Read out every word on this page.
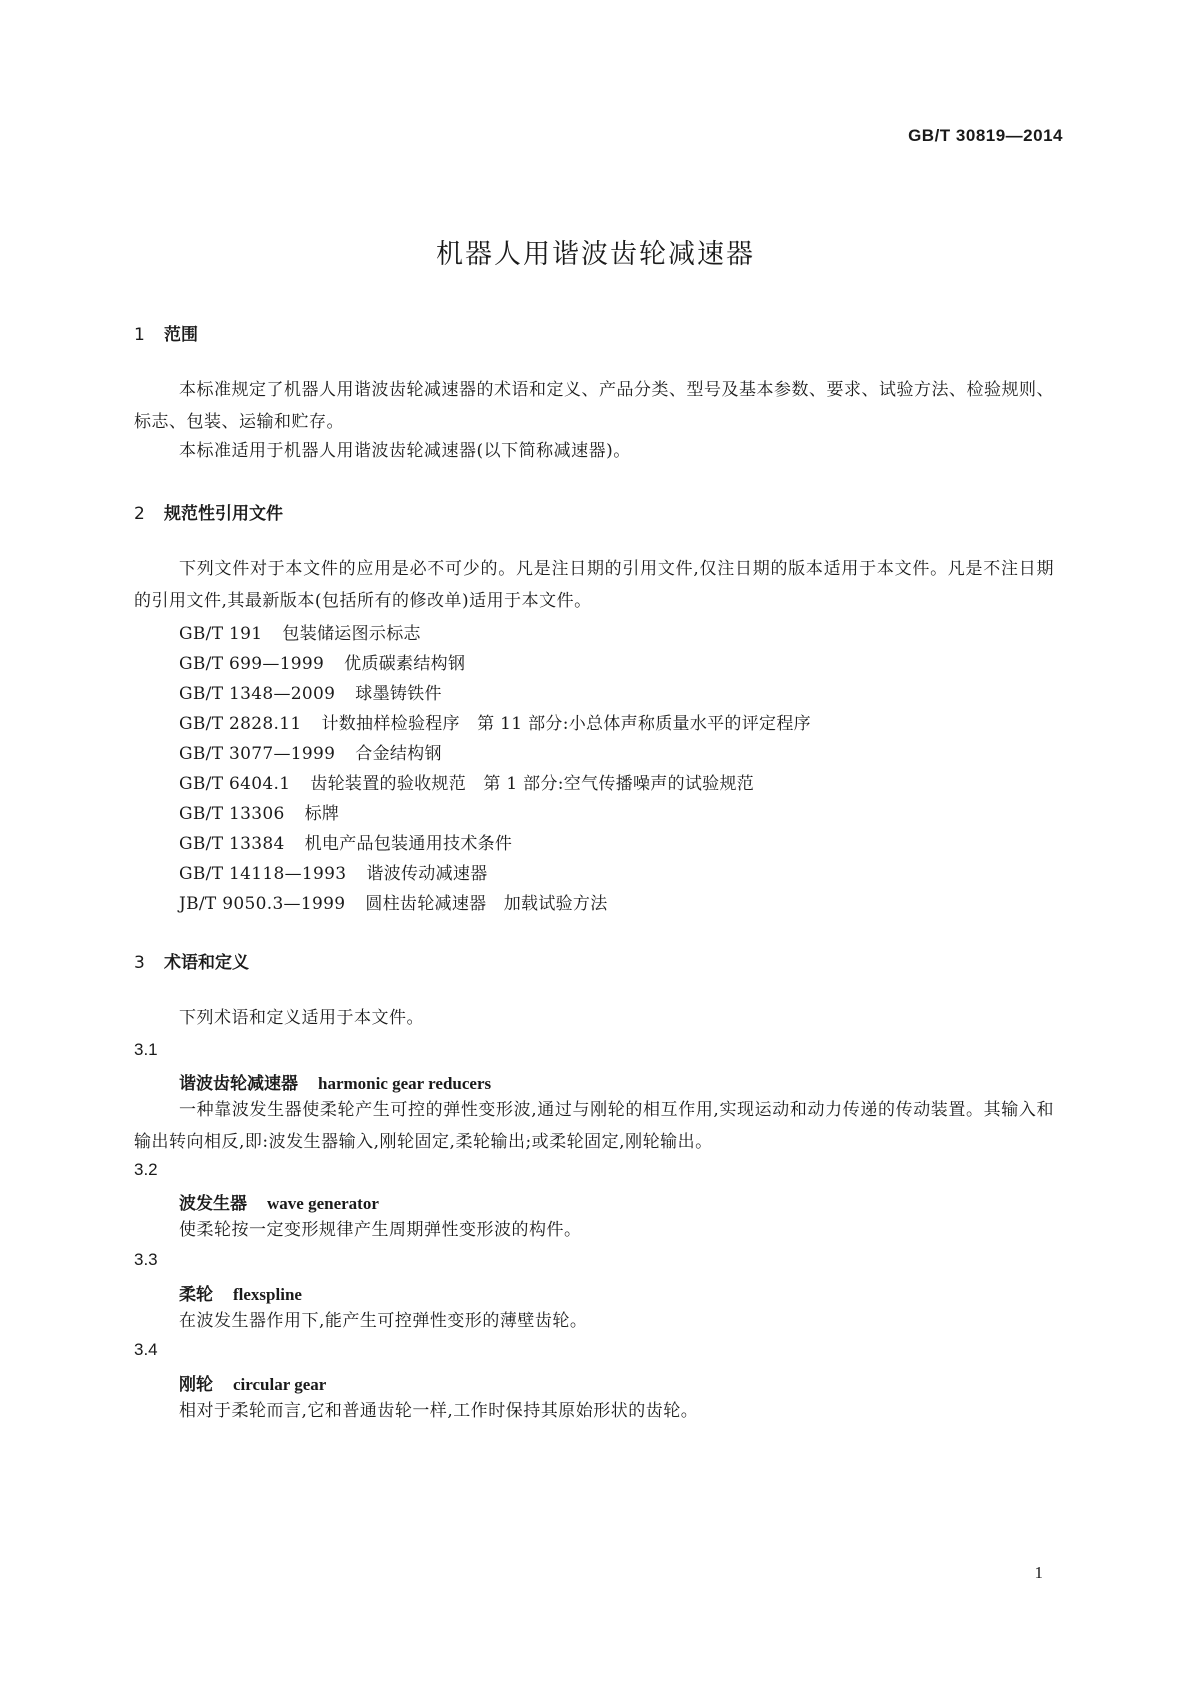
GB/T 30819—2014
机器人用谐波齿轮减速器
1 范围
本标准规定了机器人用谐波齿轮减速器的术语和定义、产品分类、型号及基本参数、要求、试验方法、检验规则、标志、包装、运输和贮存。
本标准适用于机器人用谐波齿轮减速器(以下简称减速器)。
2 规范性引用文件
下列文件对于本文件的应用是必不可少的。凡是注日期的引用文件,仅注日期的版本适用于本文件。凡是不注日期的引用文件,其最新版本(包括所有的修改单)适用于本文件。
GB/T 191 包装储运图示标志
GB/T 699—1999 优质碳素结构钢
GB/T 1348—2009 球墨铸铁件
GB/T 2828.11 计数抽样检验程序　第 11 部分:小总体声称质量水平的评定程序
GB/T 3077—1999 合金结构钢
GB/T 6404.1 齿轮装置的验收规范　第 1 部分:空气传播噪声的试验规范
GB/T 13306 标牌
GB/T 13384 机电产品包装通用技术条件
GB/T 14118—1993 谐波传动减速器
JB/T 9050.3—1999 圆柱齿轮减速器　加载试验方法
3 术语和定义
下列术语和定义适用于本文件。
3.1
谐波齿轮减速器 harmonic gear reducers
一种靠波发生器使柔轮产生可控的弹性变形波,通过与刚轮的相互作用,实现运动和动力传递的传动装置。其输入和输出转向相反,即:波发生器输入,刚轮固定,柔轮输出;或柔轮固定,刚轮输出。
3.2
波发生器 wave generator
使柔轮按一定变形规律产生周期弹性变形波的构件。
3.3
柔轮 flexspline
在波发生器作用下,能产生可控弹性变形的薄壁齿轮。
3.4
刚轮 circular gear
相对于柔轮而言,它和普通齿轮一样,工作时保持其原始形状的齿轮。
1
